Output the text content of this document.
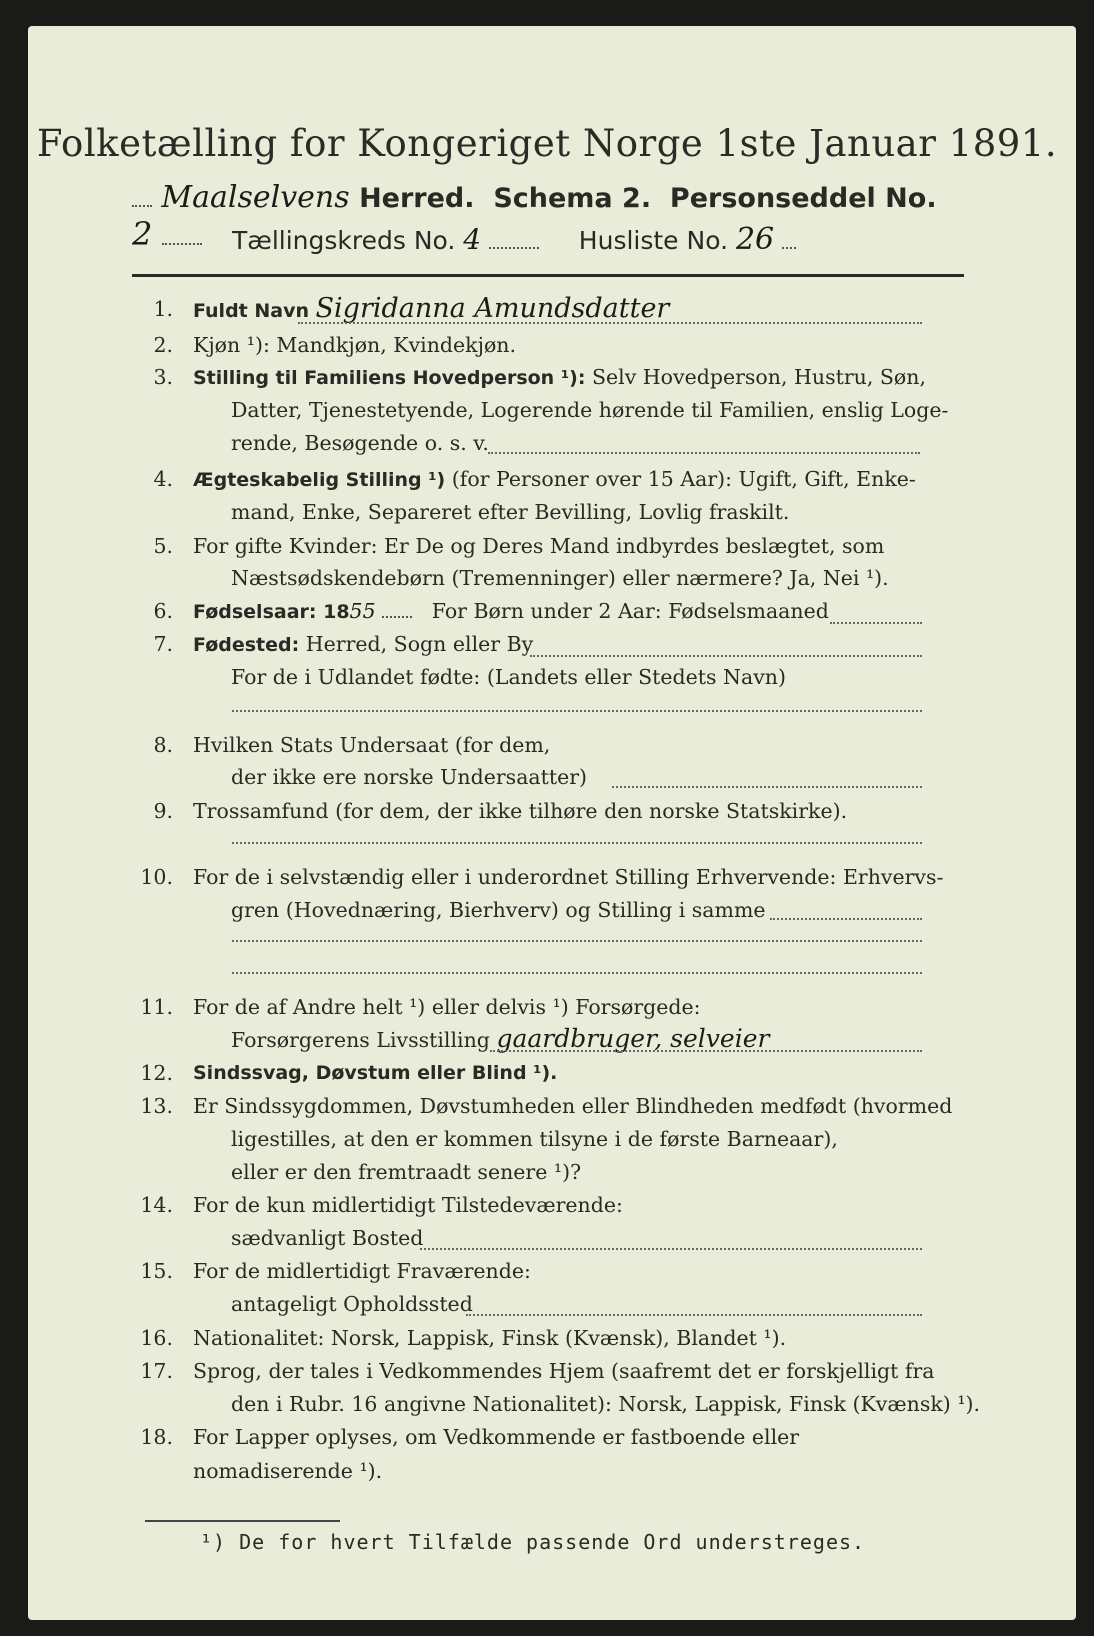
Folketælling for Kongeriget Norge 1ste Januar 1891.
Maalselvens Herred. Schema 2. Personseddel No. 2	Tællingskreds No. 4	Husliste No. 26
1. Fuldt Navn Sigridanna Amundsdatter
2. Kjøn ¹): Mandkjøn, Kvindekjøn.
3. Stilling til Familiens Hovedperson ¹): Selv Hovedperson, Hustru, Søn,
Datter, Tjenestetyende, Logerende hørende til Familien, enslig Loge-
rende, Besøgende o. s. v.
4. Ægteskabelig Stilling ¹) (for Personer over 15 Aar): Ugift, Gift, Enke-
mand, Enke, Separeret efter Bevilling, Lovlig fraskilt.
5. For gifte Kvinder: Er De og Deres Mand indbyrdes beslægtet, som
Næstsødskendebørn (Tremenninger) eller nærmere? Ja, Nei ¹).
6. Fødselsaar: 1855	For Børn under 2 Aar: Fødselsmaaned
7. Fødested: Herred, Sogn eller By
For de i Udlandet fødte: (Landets eller Stedets Navn)
8. Hvilken Stats Undersaat (for dem,
der ikke ere norske Undersaatter)
9. Trossamfund (for dem, der ikke tilhøre den norske Statskirke).
10. For de i selvstændig eller i underordnet Stilling Erhvervende: Erhvervs-
gren (Hovednæring, Bierhverv) og Stilling i samme
11. For de af Andre helt ¹) eller delvis ¹) Forsørgede:
Forsørgerens Livsstilling gaardbruger, selveier
12. Sindssvag, Døvstum eller Blind ¹).
13. Er Sindssygdommen, Døvstumheden eller Blindheden medfødt (hvormed
ligestilles, at den er kommen tilsyne i de første Barneaar),
eller er den fremtraadt senere ¹)?
14. For de kun midlertidigt Tilstedeværende:
sædvanligt Bosted
15. For de midlertidigt Fraværende:
antageligt Opholdssted
16. Nationalitet: Norsk, Lappisk, Finsk (Kvænsk), Blandet ¹).
17. Sprog, der tales i Vedkommendes Hjem (saafremt det er forskjelligt fra
den i Rubr. 16 angivne Nationalitet): Norsk, Lappisk, Finsk (Kvænsk) ¹).
18. For Lapper oplyses, om Vedkommende er fastboende eller nomadiserende ¹).
¹) De for hvert Tilfælde passende Ord understreges.
